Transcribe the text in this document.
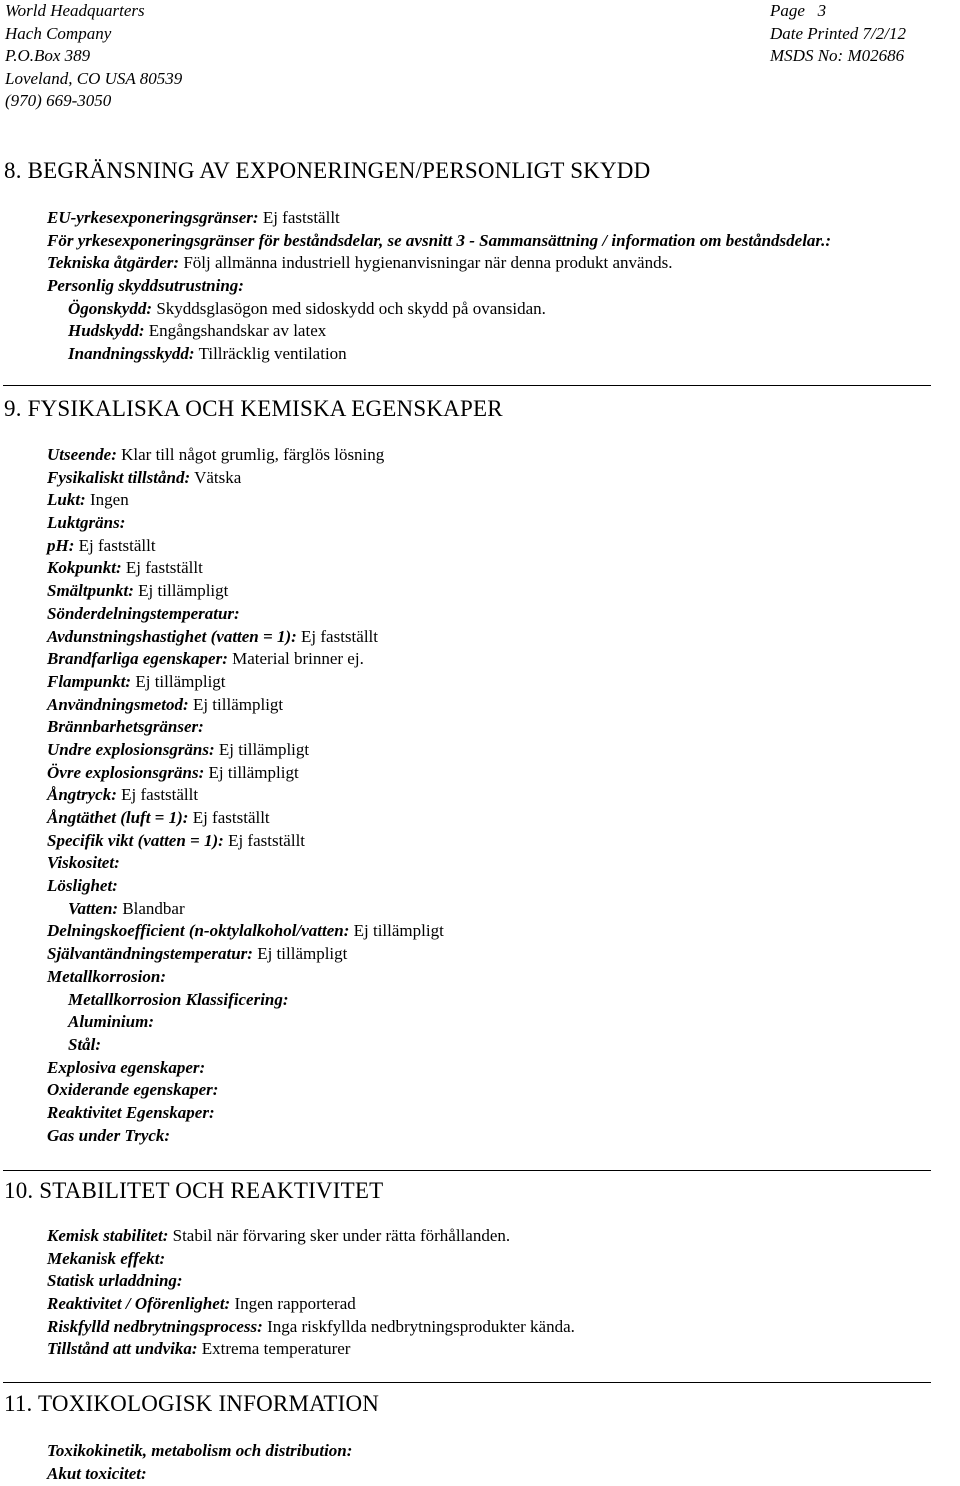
World Headquarters
Hach Company
P.O.Box 389
Loveland, CO USA 80539
(970) 669-3050
Page   3
Date Printed 7/2/12
MSDS No: M02686
8. BEGRÄNSNING AV EXPONERINGEN/PERSONLIGT SKYDD
EU-yrkesexponeringsgränser: Ej fastställt
För yrkesexponeringsgränser för beståndsdelar, se avsnitt 3 - Sammansättning / information om beståndsdelar.:
Tekniska åtgärder: Följ allmänna industriell hygienanvisningar när denna produkt används.
Personlig skyddsutrustning:
Ögonskydd: Skyddsglasögon med sidoskydd och skydd på ovansidan.
Hudskydd: Engångshandskar av latex
Inandningsskydd: Tillräcklig ventilation
9. FYSIKALISKA OCH KEMISKA EGENSKAPER
Utseende: Klar till något grumlig, färglös lösning
Fysikaliskt tillstånd: Vätska
Lukt: Ingen
Luktgräns:
pH: Ej fastställt
Kokpunkt: Ej fastställt
Smältpunkt: Ej tillämpligt
Sönderdelningstemperatur:
Avdunstningshastighet (vatten = 1): Ej fastställt
Brandfarliga egenskaper: Material brinner ej.
Flampunkt: Ej tillämpligt
Användningsmetod: Ej tillämpligt
Brännbarhetsgränser:
Undre explosionsgräns: Ej tillämpligt
Övre explosionsgräns: Ej tillämpligt
Ångtryck: Ej fastställt
Ångtäthet (luft = 1): Ej fastställt
Specifik vikt (vatten = 1): Ej fastställt
Viskositet:
Löslighet:
Vatten: Blandbar
Delningskoefficient (n-oktylalkohol/vatten: Ej tillämpligt
Självantändningstemperatur: Ej tillämpligt
Metallkorrosion:
Metallkorrosion Klassificering:
Aluminium:
Stål:
Explosiva egenskaper:
Oxiderande egenskaper:
Reaktivitet Egenskaper:
Gas under Tryck:
10. STABILITET OCH REAKTIVITET
Kemisk stabilitet: Stabil när förvaring sker under rätta förhållanden.
Mekanisk effekt:
Statisk urladdning:
Reaktivitet / Oförenlighet: Ingen rapporterad
Riskfylld nedbrytningsprocess: Inga riskfyllda nedbrytningsprodukter kända.
Tillstånd att undvika: Extrema temperaturer
11. TOXIKOLOGISK INFORMATION
Toxikokinetik, metabolism och distribution:
Akut toxicitet:
